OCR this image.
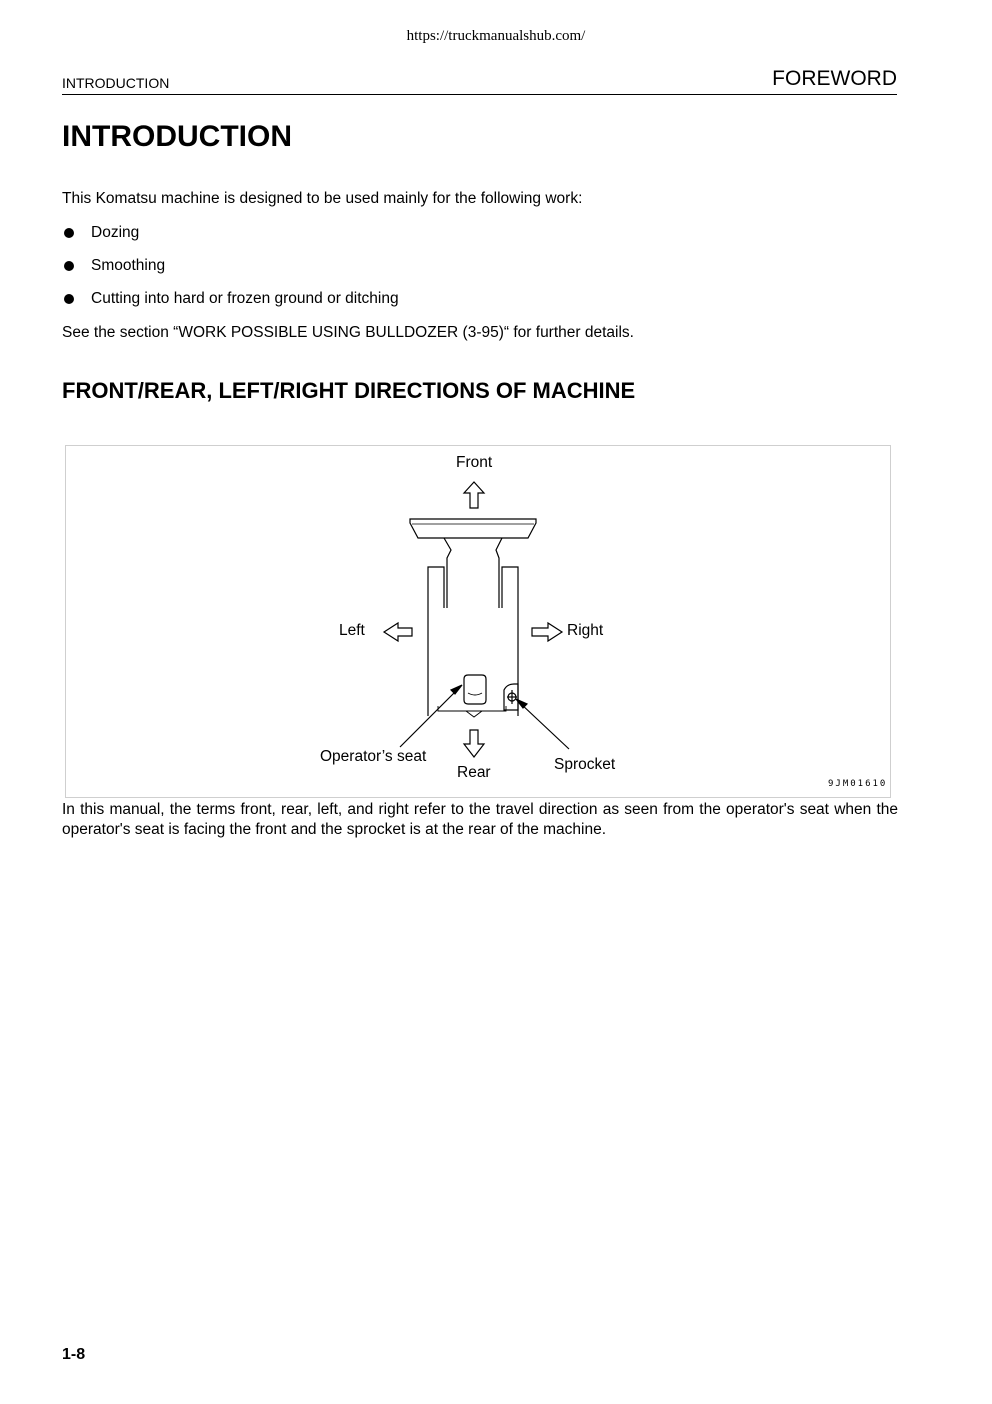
https://truckmanualshub.com/
INTRODUCTION	FOREWORD
INTRODUCTION
This Komatsu machine is designed to be used mainly for the following work:
Dozing
Smoothing
Cutting into hard or frozen ground or ditching
See the section “WORK POSSIBLE USING BULLDOZER (3-95)“ for further details.
FRONT/REAR, LEFT/RIGHT DIRECTIONS OF MACHINE
Front
Rear
Left	Right
Operator’s seat	Sprocket
9JM01610
In this manual, the terms front, rear, left, and right refer to the travel direction as seen from the operator's seat when the operator's seat is facing the front and the sprocket is at the rear of the machine.
1-8
